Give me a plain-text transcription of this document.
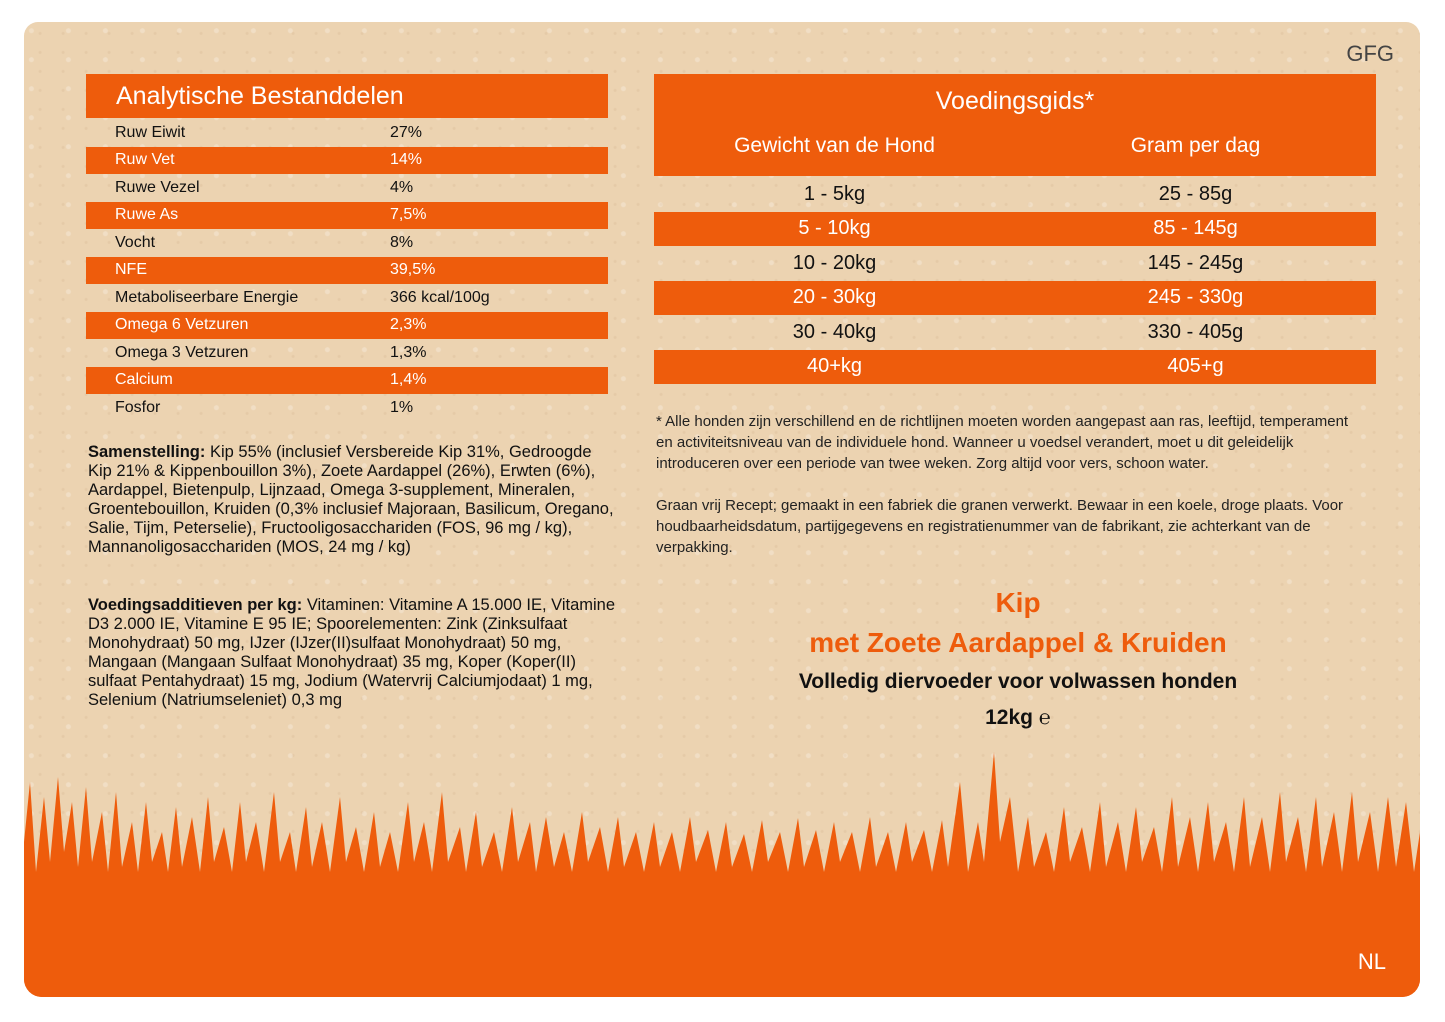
GFG
Analytische Bestanddelen
Ruw Eiwit	27%
Ruw Vet	14%
Ruwe Vezel	4%
Ruwe As	7,5%
Vocht	8%
NFE	39,5%
Metaboliseerbare Energie	366 kcal/100g
Omega 6 Vetzuren	2,3%
Omega 3 Vetzuren	1,3%
Calcium	1,4%
Fosfor	1%
Samenstelling: Kip 55% (inclusief Versbereide Kip 31%, Gedroogde Kip 21% & Kippenbouillon 3%), Zoete Aardappel (26%), Erwten (6%), Aardappel, Bietenpulp, Lijnzaad, Omega 3-supplement, Mineralen, Groentebouillon, Kruiden (0,3% inclusief Majoraan, Basilicum, Oregano, Salie, Tijm, Peterselie), Fructooligosacchariden (FOS, 96 mg / kg), Mannanoligosacchariden (MOS, 24 mg / kg)
Voedingsadditieven per kg: Vitaminen: Vitamine A 15.000 IE, Vitamine D3 2.000 IE, Vitamine E 95 IE; Spoorelementen: Zink (Zinksulfaat Monohydraat) 50 mg, IJzer (IJzer(II)sulfaat Monohydraat) 50 mg, Mangaan (Mangaan Sulfaat Monohydraat) 35 mg, Koper (Koper(II) sulfaat Pentahydraat) 15 mg, Jodium (Watervrij Calciumjodaat) 1 mg, Selenium (Natriumseleniet) 0,3 mg
Voedingsgids*
Gewicht van de Hond	Gram per dag
1 - 5kg	25 - 85g
5 - 10kg	85 - 145g
10 - 20kg	145 - 245g
20 - 30kg	245 - 330g
30 - 40kg	330 - 405g
40+kg	405+g
* Alle honden zijn verschillend en de richtlijnen moeten worden aangepast aan ras, leeftijd, temperament en activiteitsniveau van de individuele hond. Wanneer u voedsel verandert, moet u dit geleidelijk introduceren over een periode van twee weken. Zorg altijd voor vers, schoon water.
Graan vrij Recept; gemaakt in een fabriek die granen verwerkt. Bewaar in een koele, droge plaats. Voor houdbaarheidsdatum, partijgegevens en registratienummer van de fabrikant, zie achterkant van de verpakking.
Kip
met Zoete Aardappel & Kruiden
Volledig diervoeder voor volwassen honden
12kg ℮
NL
